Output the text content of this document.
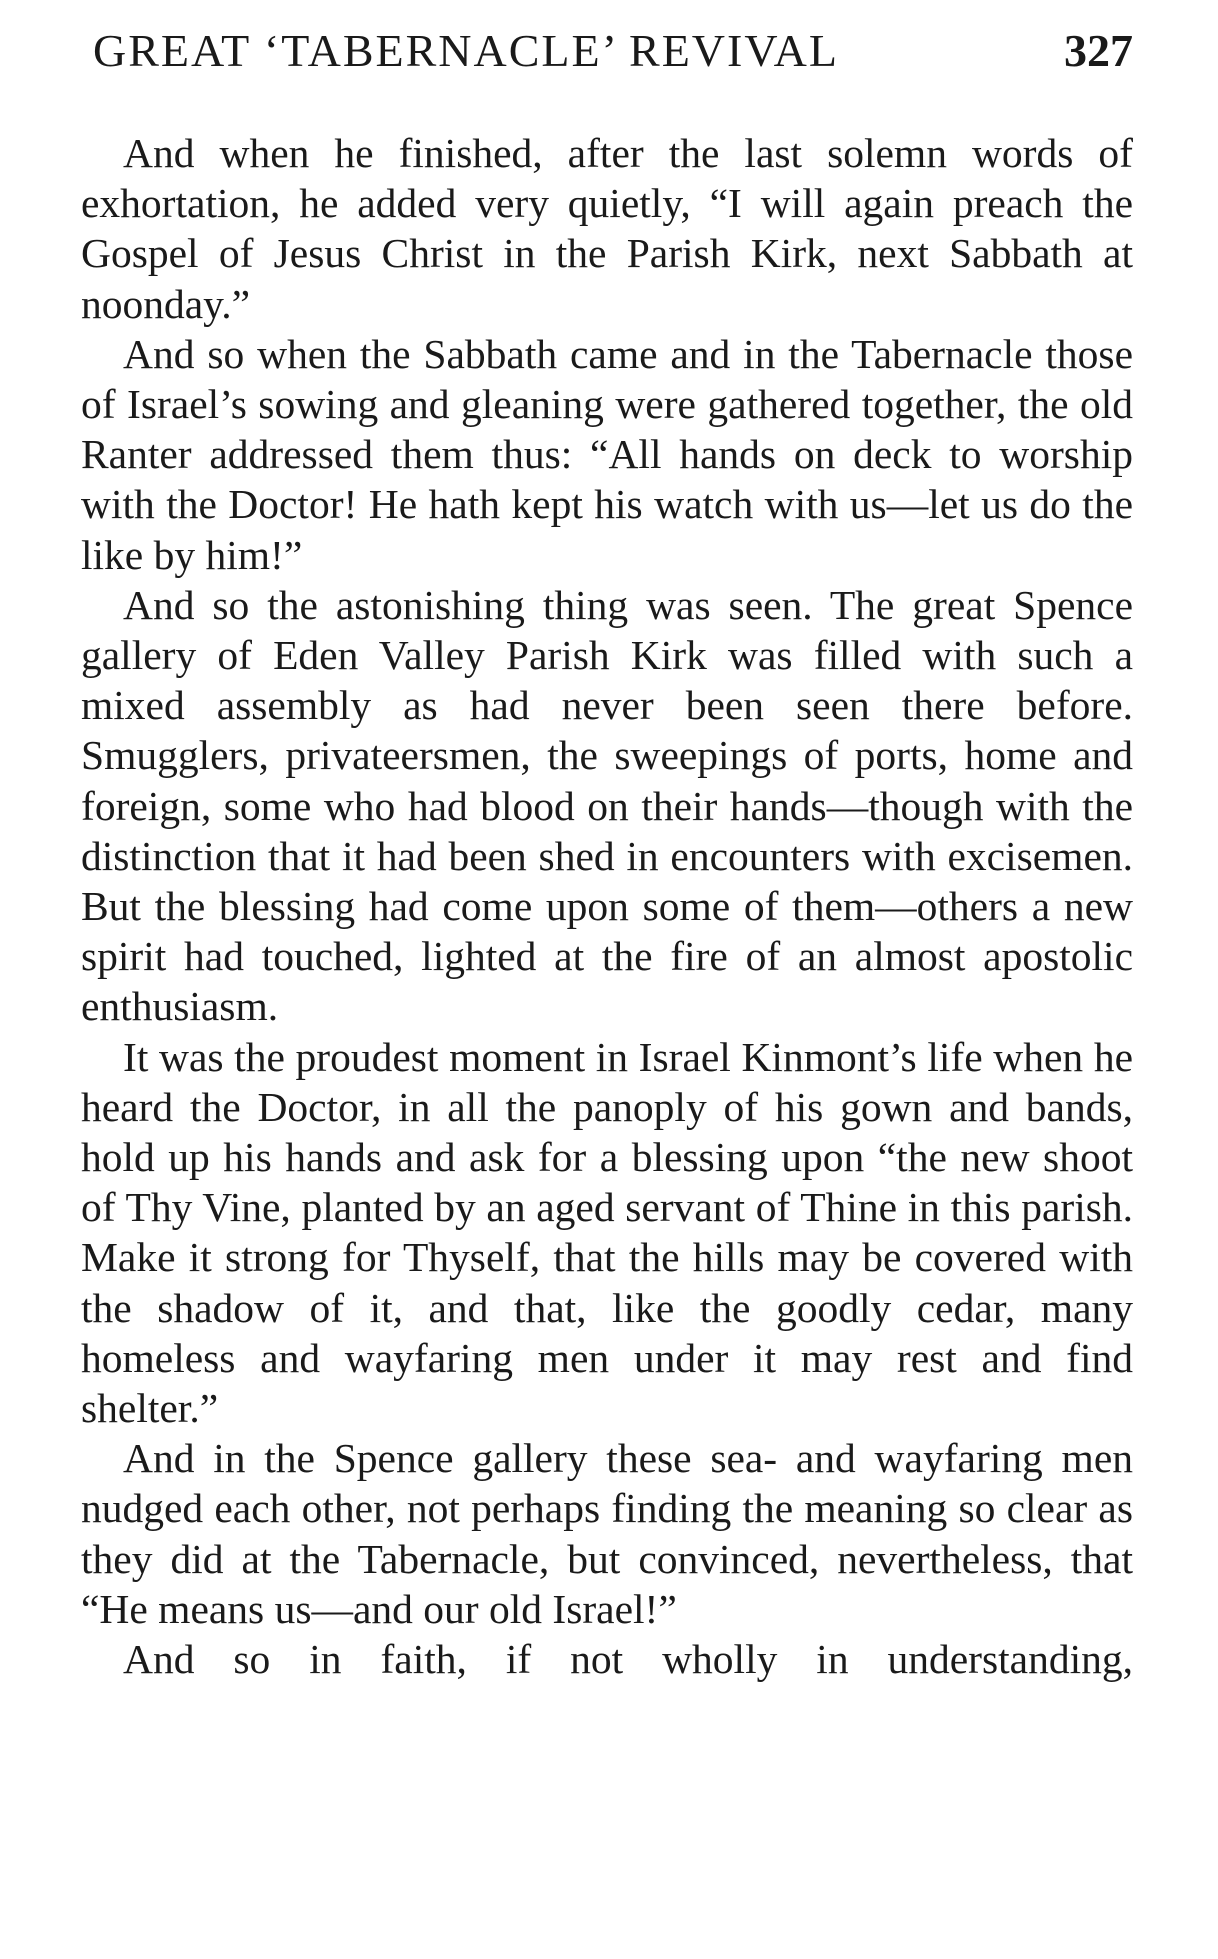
GREAT ‘TABERNACLE’ REVIVAL	327

And when he finished, after the last solemn words of exhortation, he added very quietly, “I will again preach the Gospel of Jesus Christ in the Parish Kirk, next Sabbath at noonday.”

And so when the Sabbath came and in the Tabernacle those of Israel’s sowing and gleaning were gathered together, the old Ranter addressed them thus: “All hands on deck to worship with the Doctor! He hath kept his watch with us—let us do the like by him!”

And so the astonishing thing was seen. The great Spence gallery of Eden Valley Parish Kirk was filled with such a mixed assembly as had never been seen there before. Smugglers, privateersmen, the sweepings of ports, home and foreign, some who had blood on their hands—though with the distinction that it had been shed in encounters with excisemen. But the blessing had come upon some of them—others a new spirit had touched, lighted at the fire of an almost apostolic enthusiasm.

It was the proudest moment in Israel Kinmont’s life when he heard the Doctor, in all the panoply of his gown and bands, hold up his hands and ask for a blessing upon “the new shoot of Thy Vine, planted by an aged servant of Thine in this parish. Make it strong for Thyself, that the hills may be covered with the shadow of it, and that, like the goodly cedar, many homeless and wayfaring men under it may rest and find shelter.”

And in the Spence gallery these sea- and wayfaring men nudged each other, not perhaps finding the meaning so clear as they did at the Tabernacle, but convinced, nevertheless, that “He means us—and our old Israel!”

And so in faith, if not wholly in understanding,
